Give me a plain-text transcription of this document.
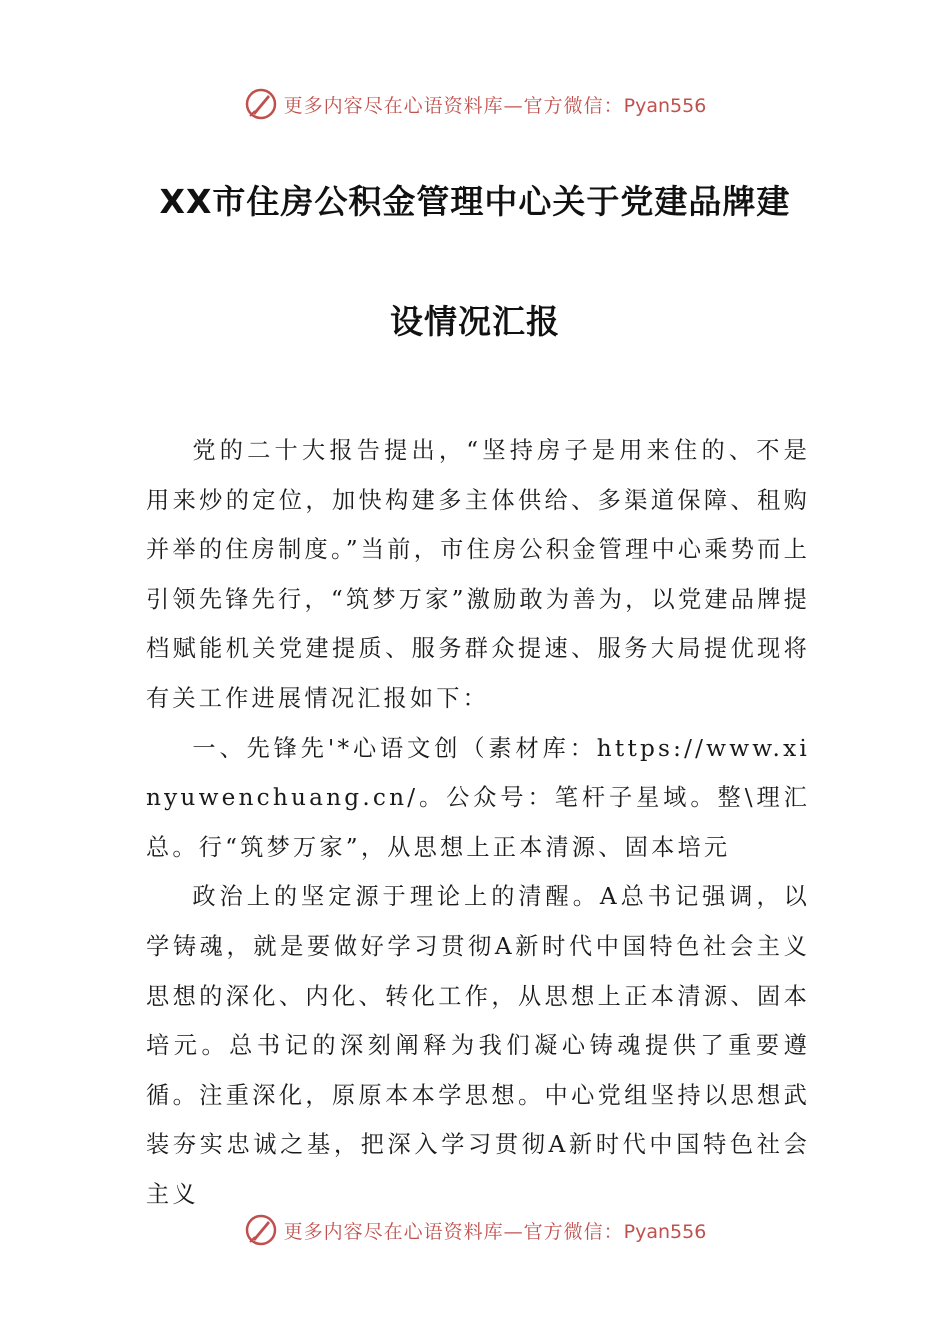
更多内容尽在心语资料库—官方微信：Pyan556
XX市住房公积金管理中心关于党建品牌建
设情况汇报

党的二十大报告提出，“坚持房子是用来住的、不是用来炒的定位，加快构建多主体供给、多渠道保障、租购并举的住房制度。”当前，市住房公积金管理中心乘势而上引领先锋先行，“筑梦万家”激励敢为善为，以党建品牌提档赋能机关党建提质、服务群众提速、服务大局提优现将有关工作进展情况汇报如下：

一、先锋先'*心语文创（素材库：https://www.xinyuwenchuang.cn/。公众号：笔杆子星域。整\理汇总。行“筑梦万家”，从思想上正本清源、固本培元

政治上的坚定源于理论上的清醒。A总书记强调，以学铸魂，就是要做好学习贯彻A新时代中国特色社会主义思想的深化、内化、转化工作，从思想上正本清源、固本培元。总书记的深刻阐释为我们凝心铸魂提供了重要遵循。注重深化，原原本本学思想。中心党组坚持以思想武装夯实忠诚之基，把深入学习贯彻A新时代中国特色社会主义

更多内容尽在心语资料库—官方微信：Pyan556
